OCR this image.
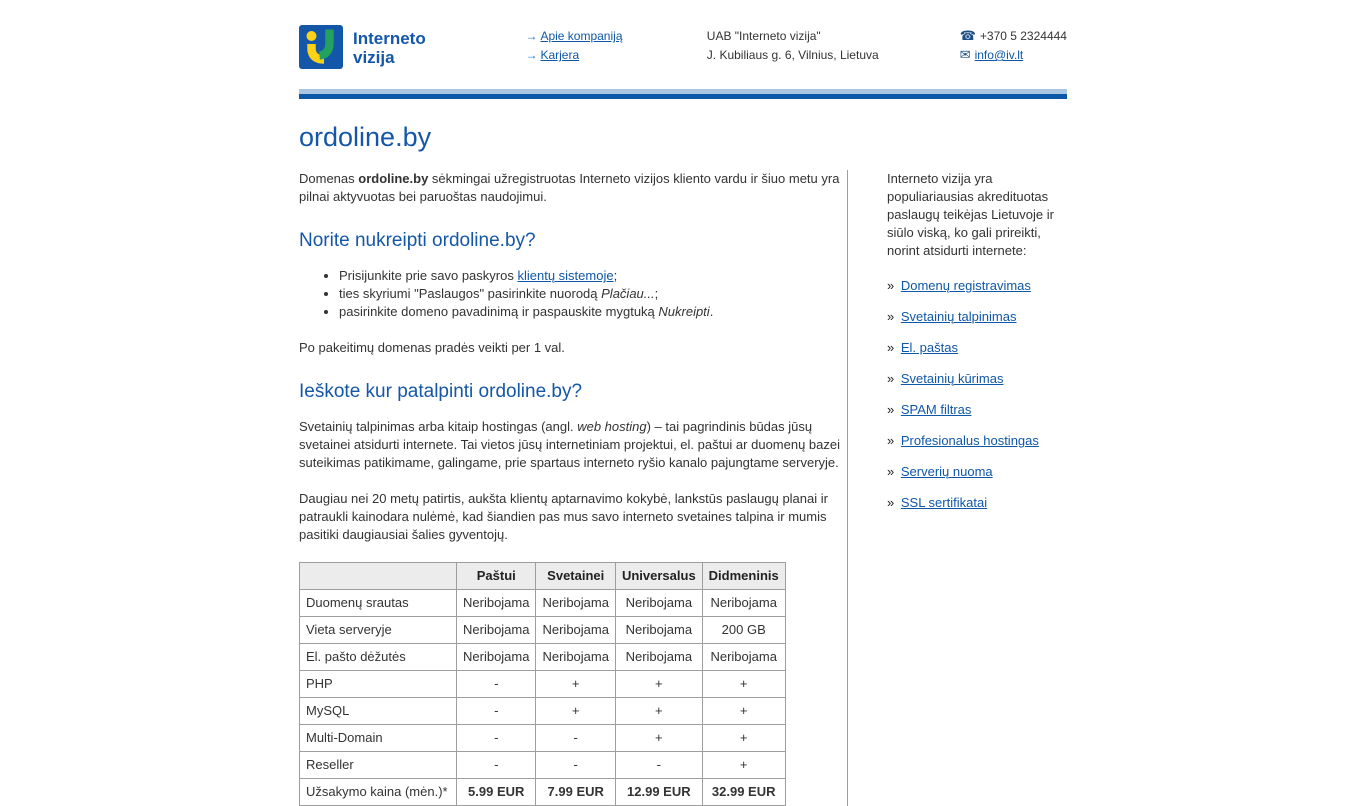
Interneto
vizija
→ Apie kompaniją
→ Karjera
UAB "Interneto vizija"
J. Kubiliaus g. 6, Vilnius, Lietuva
☎ +370 5 2324444
✉ info@iv.lt
ordoline.by

Domenas ordoline.by sėkmingai užregistruotas Interneto vizijos kliento vardu ir šiuo metu yra pilnai aktyvuotas bei paruoštas naudojimui.

Norite nukreipti ordoline.by?
• Prisijunkite prie savo paskyros klientų sistemoje;
• ties skyriumi "Paslaugos" pasirinkite nuorodą Plačiau...;
• pasirinkite domeno pavadinimą ir paspauskite mygtuką Nukreipti.

Po pakeitimų domenas pradės veikti per 1 val.

Ieškote kur patalpinti ordoline.by?

Svetainių talpinimas arba kitaip hostingas (angl. web hosting) – tai pagrindinis būdas jūsų svetainei atsidurti internete. Tai vietos jūsų internetiniam projektui, el. paštui ar duomenų bazei suteikimas patikimame, galingame, prie spartaus interneto ryšio kanalo pajungtame serveryje.

Daugiau nei 20 metų patirtis, aukšta klientų aptarnavimo kokybė, lankstūs paslaugų planai ir patraukli kainodara nulėmė, kad šiandien pas mus savo interneto svetaines talpina ir mumis pasitiki daugiausiai šalies gyventojų.

	Paštui	Svetainei	Universalus	Didmeninis
Duomenų srautas	Neribojama	Neribojama	Neribojama	Neribojama
Vieta serveryje	Neribojama	Neribojama	Neribojama	200 GB
El. pašto dėžutės	Neribojama	Neribojama	Neribojama	Neribojama
PHP	-	+	+	+
MySQL	-	+	+	+
Multi-Domain	-	-	+	+
Reseller	-	-	-	+
Užsakymo kaina (mėn.)*	5.99 EUR	7.99 EUR	12.99 EUR	32.99 EUR

Interneto vizija yra populiariausias akredituotas paslaugų teikėjas Lietuvoje ir siūlo viską, ko gali prireikti, norint atsidurti internete:

» Domenų registravimas
» Svetainių talpinimas
» El. paštas
» Svetainių kūrimas
» SPAM filtras
» Profesionalus hostingas
» Serverių nuoma
» SSL sertifikatai
